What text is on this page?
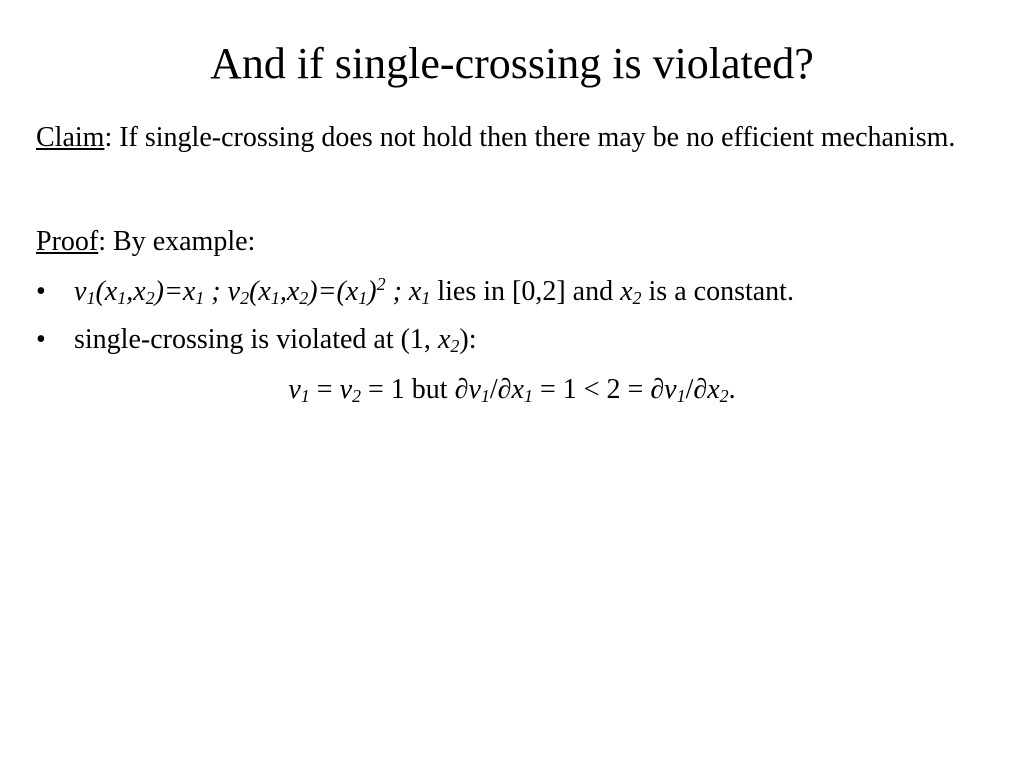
And if single-crossing is violated?

Claim: If single-crossing does not hold then there may be no efficient mechanism.

Proof: By example:

• $v_1(x_1,x_2)=x_1$ ; $v_2(x_1,x_2)=(x_1)^2$ ; $x_1$ lies in [0,2] and $x_2$ is a constant.
• single-crossing is violated at (1, $x_2$):
$v_1 = v_2 = 1$ but $\partial v_1/\partial x_1 = 1 < 2 = \partial v_1/\partial x_2$.
